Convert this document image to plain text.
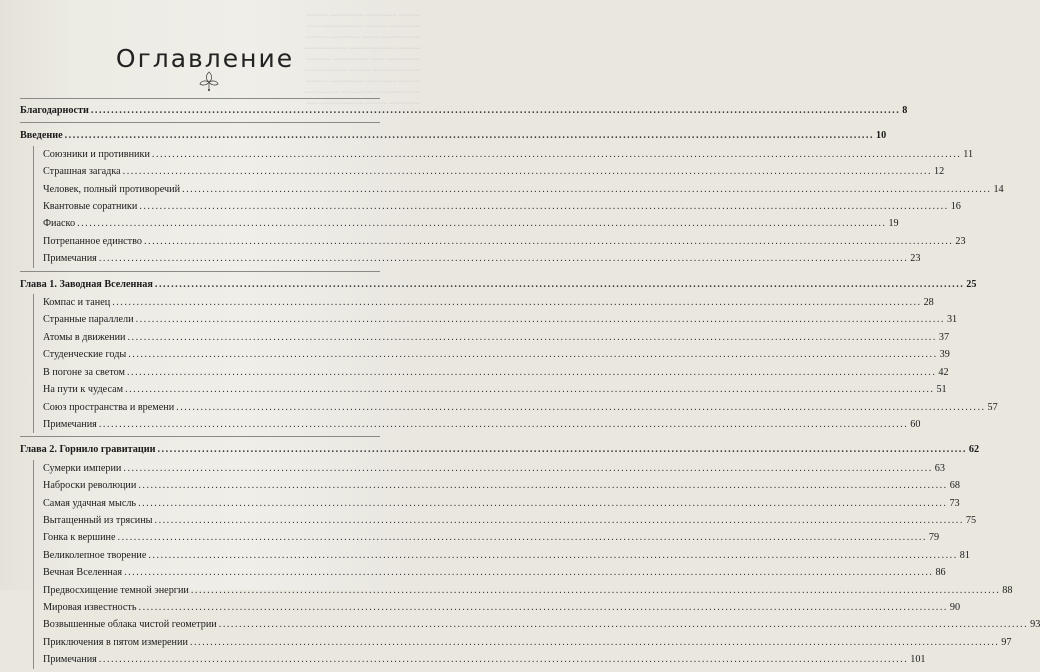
~~~~~ ~~~~~~~ ~~~~~~~~ ~~~~~
~~~~~~~ ~~~~~ ~~~~~~~~~~ ~~~
~~~~~~~~~ ~~~~ ~~~~~~~ ~~~~~
~~~~~ ~~~~~~~~~~~ ~~~~~~~~~~
~~~~~~~~ ~~~ ~~~~~~~~ ~~~~~~
~~~~~~~~~~~ ~~~~~ ~~~~~~~~~~
~~~~~ ~~~~~~~ ~~~~~~~~ ~~~~~
~~~~~~~~~~ ~~~~~~~~ ~~~~~~~~
~~~~~~~ ~~~~~ ~~~~~~~~~~ ~~~
Оглавление
Благодарности .....	8
Введение .....	10
Союзники и противники .....	11
Страшная загадка .....	12
Человек, полный противоречий .....	14
Квантовые соратники .....	16
Фиаско .....	19
Потрепанное единство .....	23
Примечания .....	23
Глава 1. Заводная Вселенная .....	25
Компас и танец .....	28
Странные параллели .....	31
Атомы в движении .....	37
Студенческие годы .....	39
В погоне за светом .....	42
На пути к чудесам .....	51
Союз пространства и времени .....	57
Примечания .....	60
Глава 2. Горнило гравитации .....	62
Сумерки империи .....	63
Наброски революции .....	68
Самая удачная мысль .....	73
Вытащенный из трясины .....	75
Гонка к вершине .....	79
Великолепное творение .....	81
Вечная Вселенная .....	86
Предвосхищение темной энергии .....	88
Мировая известность .....	90
Возвышенные облака чистой геометрии .....	93
Приключения в пятом измерении .....	97
Примечания .....	101
